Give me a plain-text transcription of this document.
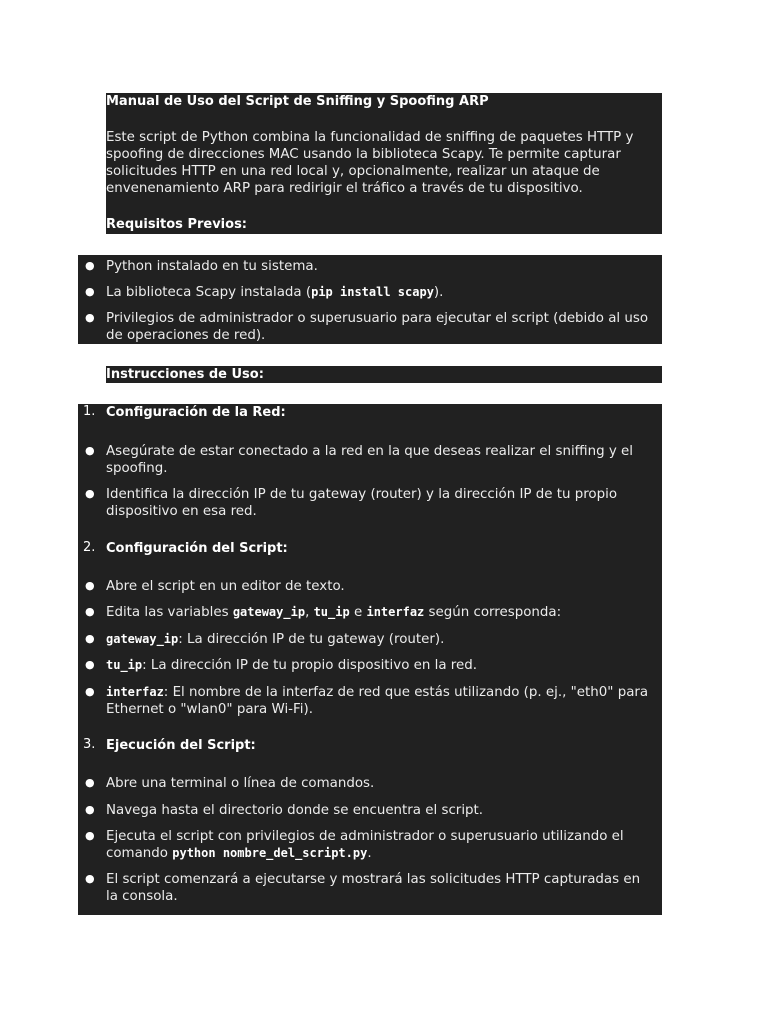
Manual de Uso del Script de Sniffing y Spoofing ARP
Este script de Python combina la funcionalidad de sniffing de paquetes HTTP y spoofing de direcciones MAC usando la biblioteca Scapy. Te permite capturar solicitudes HTTP en una red local y, opcionalmente, realizar un ataque de envenenamiento ARP para redirigir el tráfico a través de tu dispositivo.
Requisitos Previos:
● Python instalado en tu sistema.
● La biblioteca Scapy instalada (pip install scapy).
● Privilegios de administrador o superusuario para ejecutar el script (debido al uso de operaciones de red).
Instrucciones de Uso:
1. Configuración de la Red:
● Asegúrate de estar conectado a la red en la que deseas realizar el sniffing y el spoofing.
● Identifica la dirección IP de tu gateway (router) y la dirección IP de tu propio dispositivo en esa red.
2. Configuración del Script:
● Abre el script en un editor de texto.
● Edita las variables gateway_ip, tu_ip e interfaz según corresponda:
● gateway_ip: La dirección IP de tu gateway (router).
● tu_ip: La dirección IP de tu propio dispositivo en la red.
● interfaz: El nombre de la interfaz de red que estás utilizando (p. ej., "eth0" para Ethernet o "wlan0" para Wi-Fi).
3. Ejecución del Script:
● Abre una terminal o línea de comandos.
● Navega hasta el directorio donde se encuentra el script.
● Ejecuta el script con privilegios de administrador o superusuario utilizando el comando python nombre_del_script.py.
● El script comenzará a ejecutarse y mostrará las solicitudes HTTP capturadas en la consola.
